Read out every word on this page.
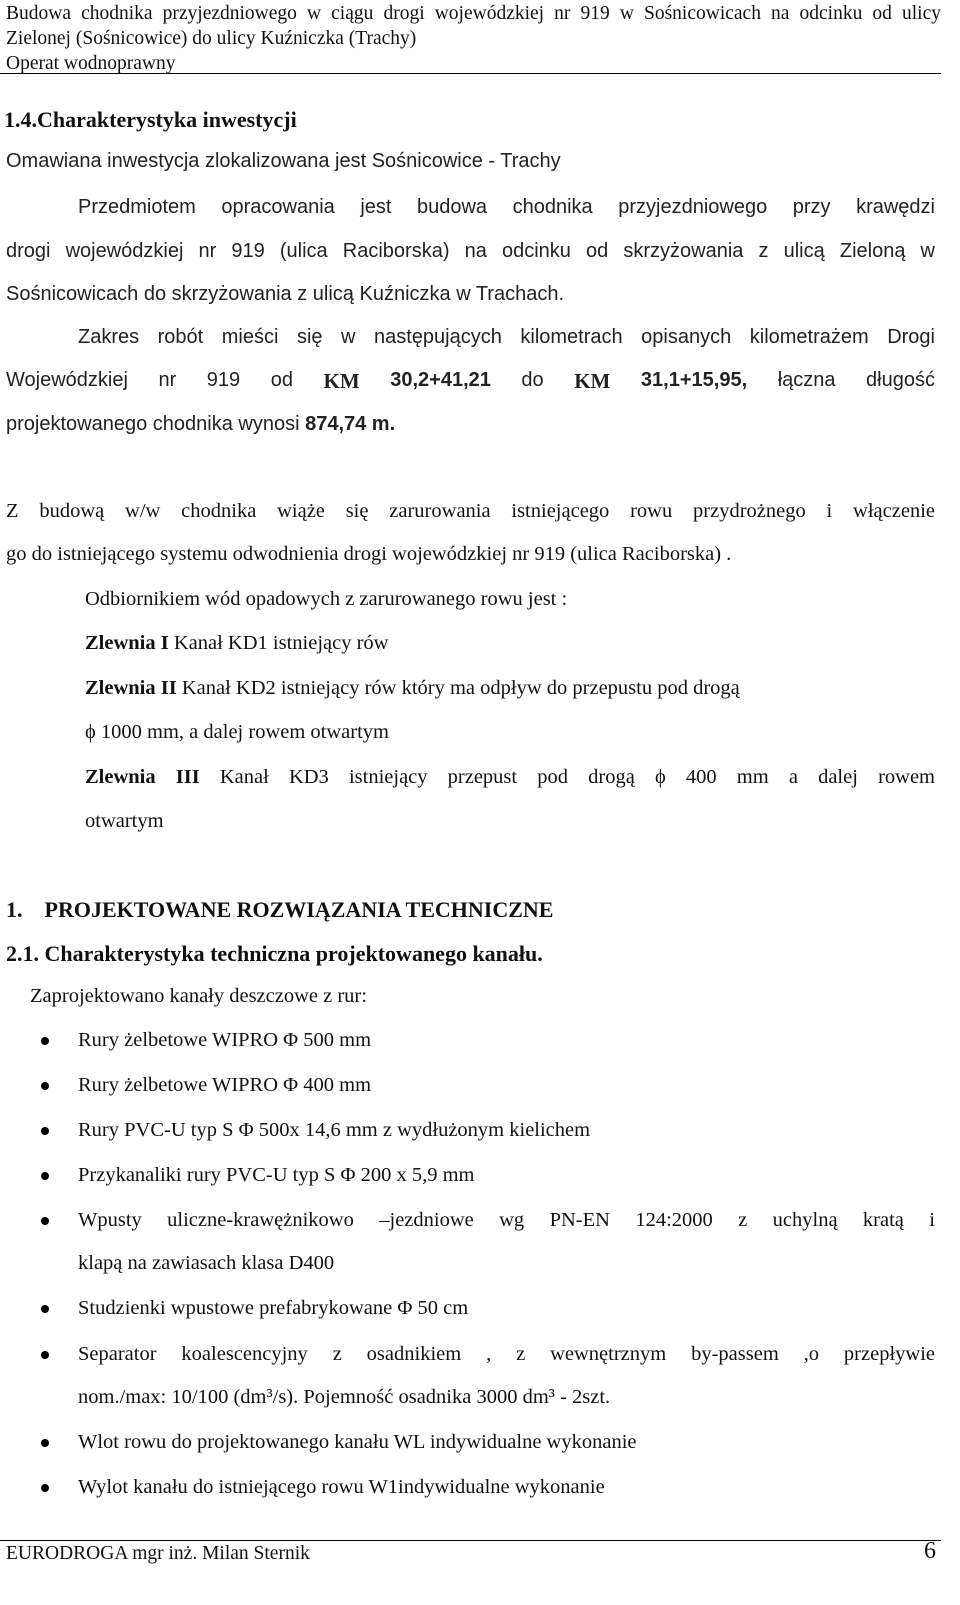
Budowa chodnika przyjezdniowego w ciągu drogi wojewódzkiej nr 919 w Sośnicowicach na odcinku od ulicy
Zielonej (Sośnicowice) do ulicy Kuźniczka (Trachy)
Operat wodnoprawny
1.4.Charakterystyka inwestycji
Omawiana inwestycja zlokalizowana jest Sośnicowice - Trachy
Przedmiotem opracowania jest budowa chodnika przyjezdniowego przy krawędzi
drogi wojewódzkiej nr 919 (ulica Raciborska) na odcinku od skrzyżowania z ulicą Zieloną w
Sośnicowicach do skrzyżowania z ulicą Kuźniczka w Trachach.
Zakres robót mieści się w następujących kilometrach opisanych kilometrażem Drogi
Wojewódzkiej nr 919 od KM 30,2+41,21 do KM 31,1+15,95, łączna długość
projektowanego chodnika wynosi 874,74 m.
Z budową w/w chodnika wiąże się zarurowania istniejącego rowu przydrożnego i włączenie
go do istniejącego systemu odwodnienia drogi wojewódzkiej nr 919 (ulica Raciborska) .
Odbiornikiem wód opadowych z zarurowanego rowu jest :
Zlewnia I Kanał KD1 istniejący rów
Zlewnia II Kanał KD2 istniejący rów który ma odpływ do przepustu pod drogą
ϕ 1000 mm, a dalej rowem otwartym
Zlewnia III Kanał KD3 istniejący przepust pod drogą ϕ 400 mm a dalej rowem
otwartym
1. PROJEKTOWANE ROZWIĄZANIA TECHNICZNE
2.1. Charakterystyka techniczna projektowanego kanału.
Zaprojektowano kanały deszczowe z rur:
Rury żelbetowe WIPRO Φ 500 mm
Rury żelbetowe WIPRO Φ 400 mm
Rury PVC-U typ S Φ 500x 14,6 mm z wydłużonym kielichem
Przykanaliki rury PVC-U typ S Φ 200 x 5,9 mm
Wpusty uliczne-krawężnikowo –jezdniowe wg PN-EN 124:2000 z uchylną kratą i
klapą na zawiasach klasa D400
Studzienki wpustowe prefabrykowane Φ 50 cm
Separator koalescencyjny z osadnikiem , z wewnętrznym by-passem ,o przepływie
nom./max: 10/100 (dm³/s). Pojemność osadnika 3000 dm³ - 2szt.
Wlot rowu do projektowanego kanału WL indywidualne wykonanie
Wylot kanału do istniejącego rowu W1indywidualne wykonanie
EURODROGA mgr inż. Milan Sternik	6
